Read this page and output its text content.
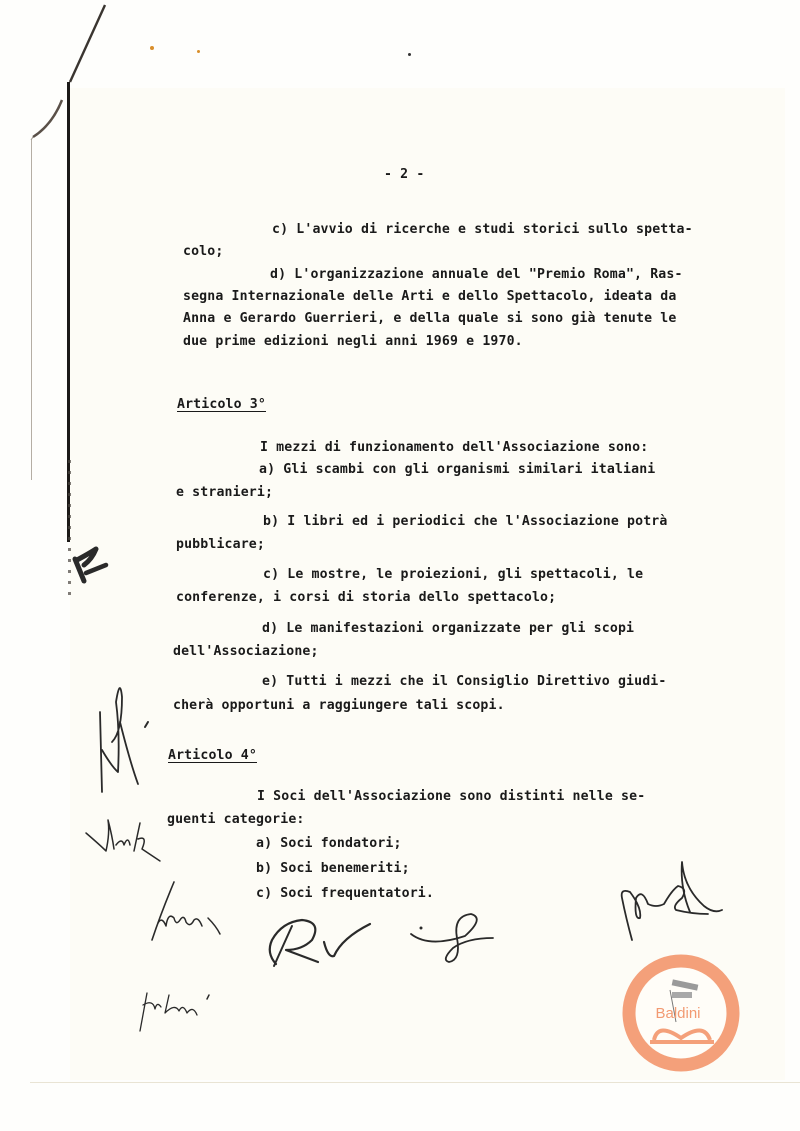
- 2 -
c) L'avvio di ricerche e studi storici sullo spetta-
colo;
d) L'organizzazione annuale del "Premio Roma", Ras-
segna Internazionale delle Arti e dello Spettacolo, ideata da
Anna e Gerardo Guerrieri, e della quale si sono già tenute le
due prime edizioni negli anni 1969 e 1970.
Articolo 3°
I mezzi di funzionamento dell'Associazione sono:
a) Gli scambi con gli organismi similari italiani
e stranieri;
b) I libri ed i periodici che l'Associazione potrà
pubblicare;
c) Le mostre, le proiezioni, gli spettacoli, le
conferenze, i corsi di storia dello spettacolo;
d) Le manifestazioni organizzate per gli scopi
dell'Associazione;
e) Tutti i mezzi che il Consiglio Direttivo giudi-
cherà opportuni a raggiungere tali scopi.
Articolo 4°
I Soci dell'Associazione sono distinti nelle se-
guenti categorie:
a) Soci fondatori;
b) Soci benemeriti;
c) Soci frequentatori.
Baldini
